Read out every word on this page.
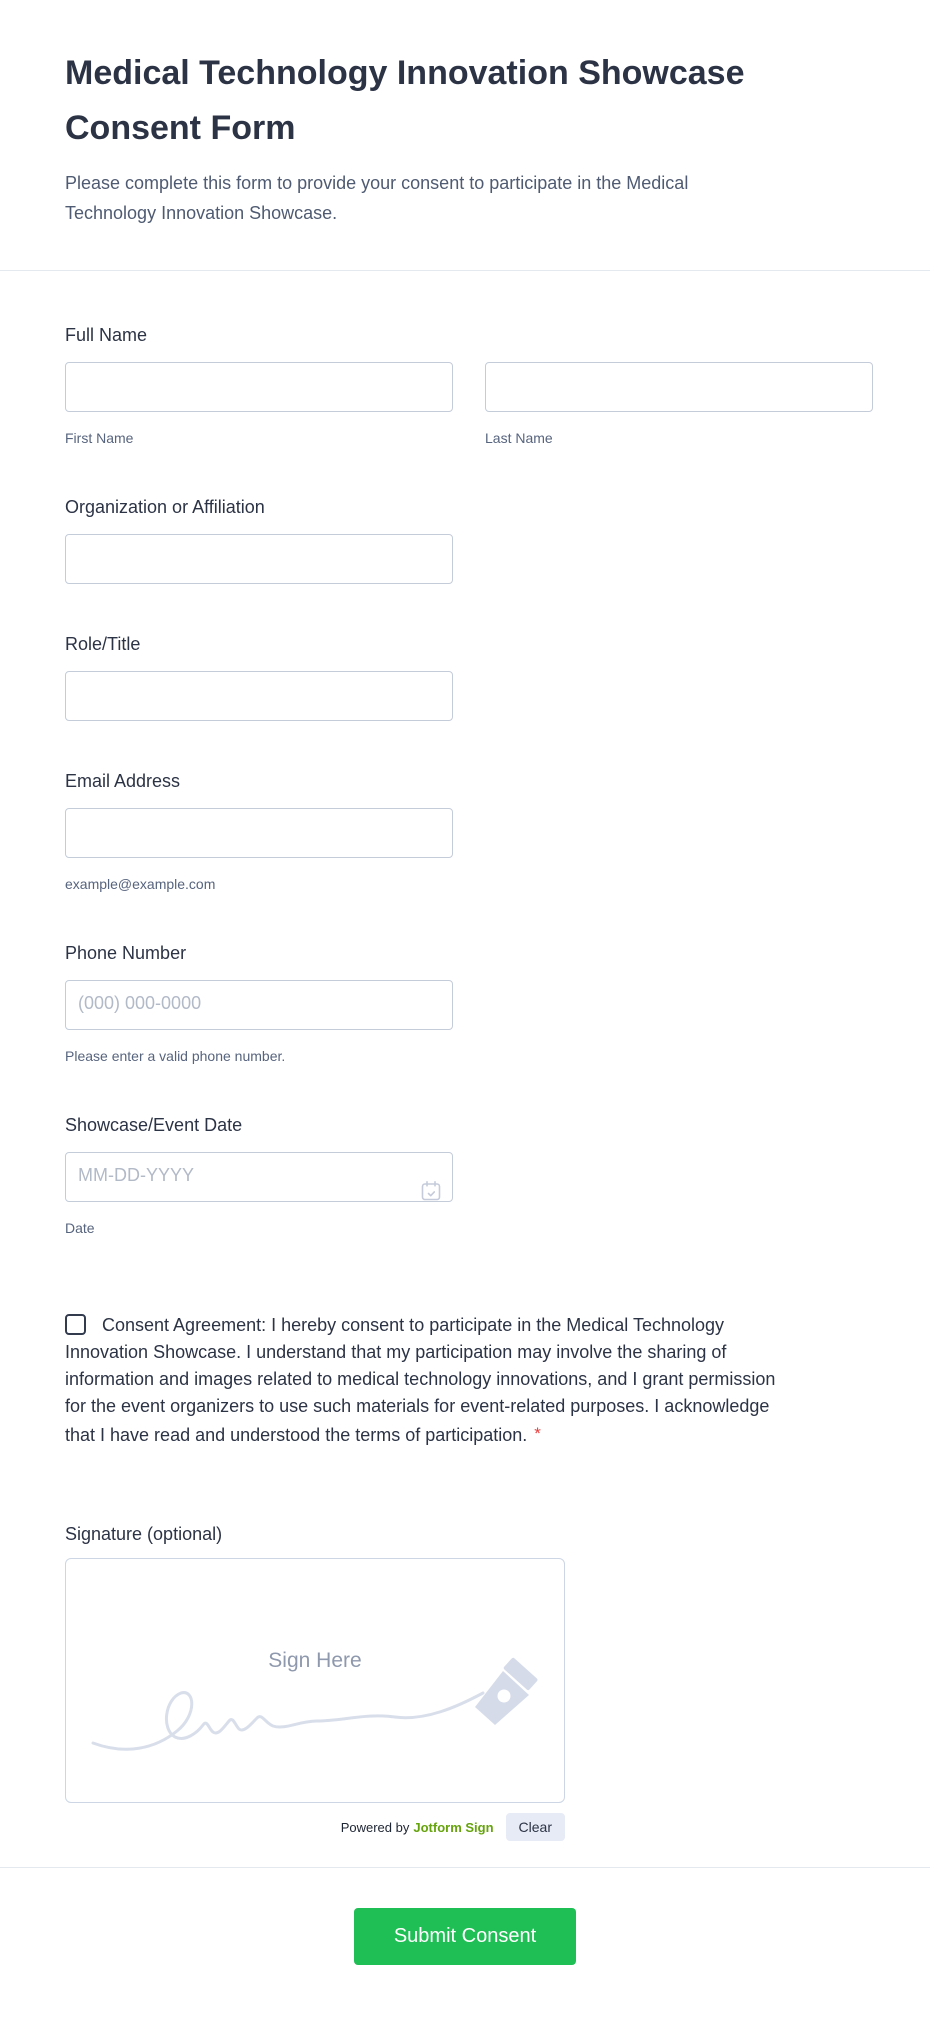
Medical Technology Innovation Showcase Consent Form
Please complete this form to provide your consent to participate in the Medical Technology Innovation Showcase.
Full Name
First Name	Last Name
Organization or Affiliation
Role/Title
Email Address
example@example.com
Phone Number
(000) 000-0000
Please enter a valid phone number.
Showcase/Event Date
MM-DD-YYYY
Date
Consent Agreement: I hereby consent to participate in the Medical Technology Innovation Showcase. I understand that my participation may involve the sharing of information and images related to medical technology innovations, and I grant permission for the event organizers to use such materials for event-related purposes. I acknowledge that I have read and understood the terms of participation. *
Signature (optional)
Sign Here
Powered by Jotform Sign	Clear
Submit Consent
